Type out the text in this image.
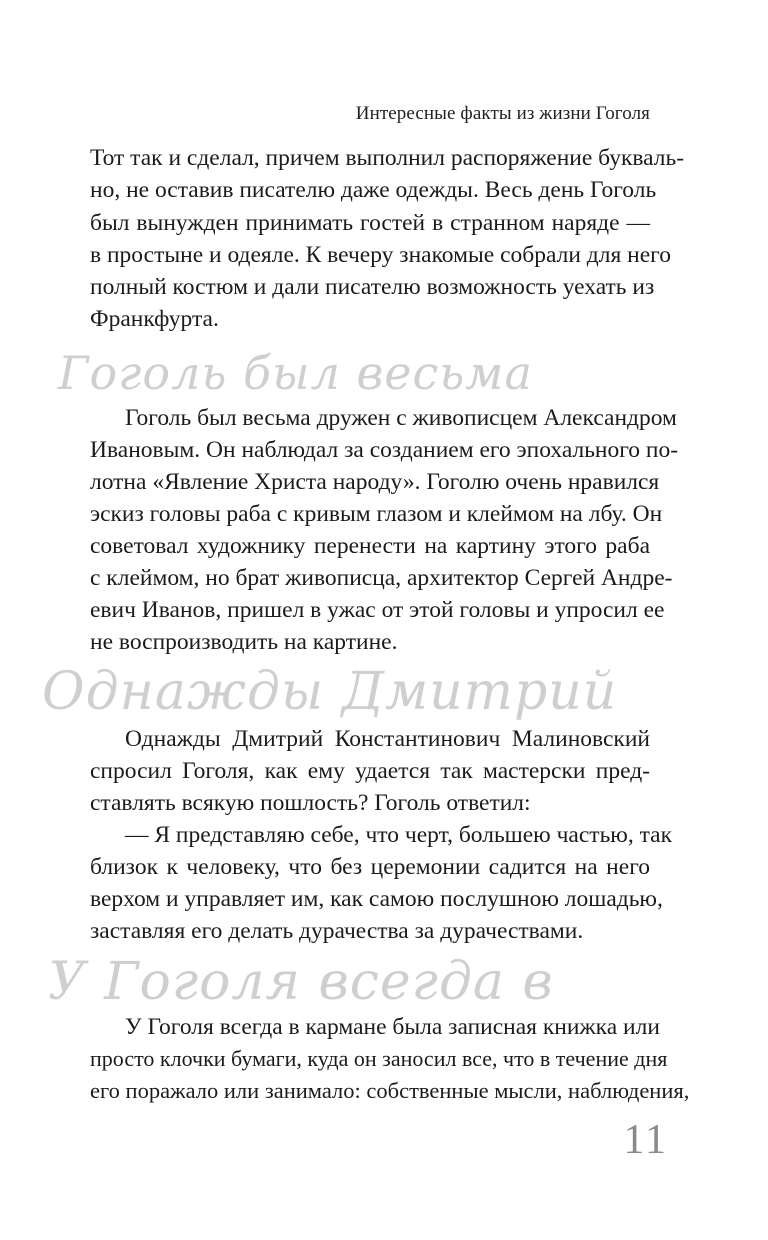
Интересные факты из жизни Гоголя
Тот так и сделал, причем выполнил распоряжение букваль-
но, не оставив писателю даже одежды. Весь день Гоголь
был вынужден принимать гостей в странном наряде —
в простыне и одеяле. К вечеру знакомые собрали для него
полный костюм и дали писателю возможность уехать из
Франкфурта.
Гоголь был весьма
Гоголь был весьма дружен с живописцем Александром
Ивановым. Он наблюдал за созданием его эпохального по-
лотна «Явление Христа народу». Гоголю очень нравился
эскиз головы раба с кривым глазом и клеймом на лбу. Он
советовал художнику перенести на картину этого раба
с клеймом, но брат живописца, архитектор Сергей Андре-
евич Иванов, пришел в ужас от этой головы и упросил ее
не воспроизводить на картине.
Однажды Дмитрий
Однажды Дмитрий Константинович Малиновский
спросил Гоголя, как ему удается так мастерски пред-
ставлять всякую пошлость? Гоголь ответил:
— Я представляю себе, что черт, большею частью, так
близок к человеку, что без церемонии садится на него
верхом и управляет им, как самою послушною лошадью,
заставляя его делать дурачества за дурачествами.
У Гоголя всегда в
У Гоголя всегда в кармане была записная книжка или
просто клочки бумаги, куда он заносил все, что в течение дня
его поражало или занимало: собственные мысли, наблюдения,
11
